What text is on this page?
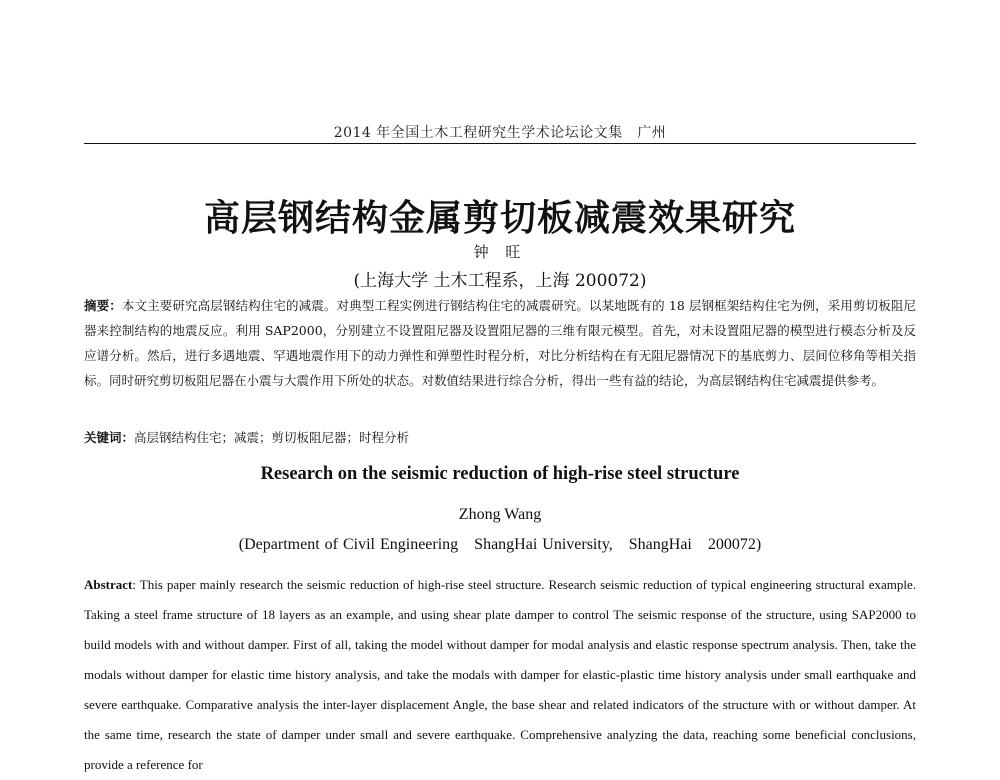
2014 年全国土木工程研究生学术论坛论文集　广州
高层钢结构金属剪切板减震效果研究
钟 旺
(上海大学 土木工程系，上海 200072)
摘要：本文主要研究高层钢结构住宅的减震。对典型工程实例进行钢结构住宅的减震研究。以某地既有的 18 层钢框架结构住宅为例，采用剪切板阻尼器来控制结构的地震反应。利用 SAP2000，分别建立不设置阻尼器及设置阻尼器的三维有限元模型。首先，对未设置阻尼器的模型进行模态分析及反应谱分析。然后，进行多遇地震、罕遇地震作用下的动力弹性和弹塑性时程分析，对比分析结构在有无阻尼器情况下的基底剪力、层间位移角等相关指标。同时研究剪切板阻尼器在小震与大震作用下所处的状态。对数值结果进行综合分析，得出一些有益的结论，为高层钢结构住宅减震提供参考。
关键词：高层钢结构住宅；减震；剪切板阻尼器；时程分析
Research on the seismic reduction of high-rise steel structure
Zhong Wang
(Department of Civil Engineering　ShangHai University,　ShangHai　200072)
Abstract: This paper mainly research the seismic reduction of high-rise steel structure. Research seismic reduction of typical engineering structural example. Taking a steel frame structure of 18 layers as an example, and using shear plate damper to control The seismic response of the structure, using SAP2000 to build models with and without damper. First of all, taking the model without damper for modal analysis and elastic response spectrum analysis. Then, take the modals without damper for elastic time history analysis, and take the modals with damper for elastic-plastic time history analysis under small earthquake and severe earthquake. Comparative analysis the inter-layer displacement Angle, the base shear and related indicators of the structure with or without damper. At the same time, research the state of damper under small and severe earthquake. Comprehensive analyzing the data, reaching some beneficial conclusions, provide a reference for
